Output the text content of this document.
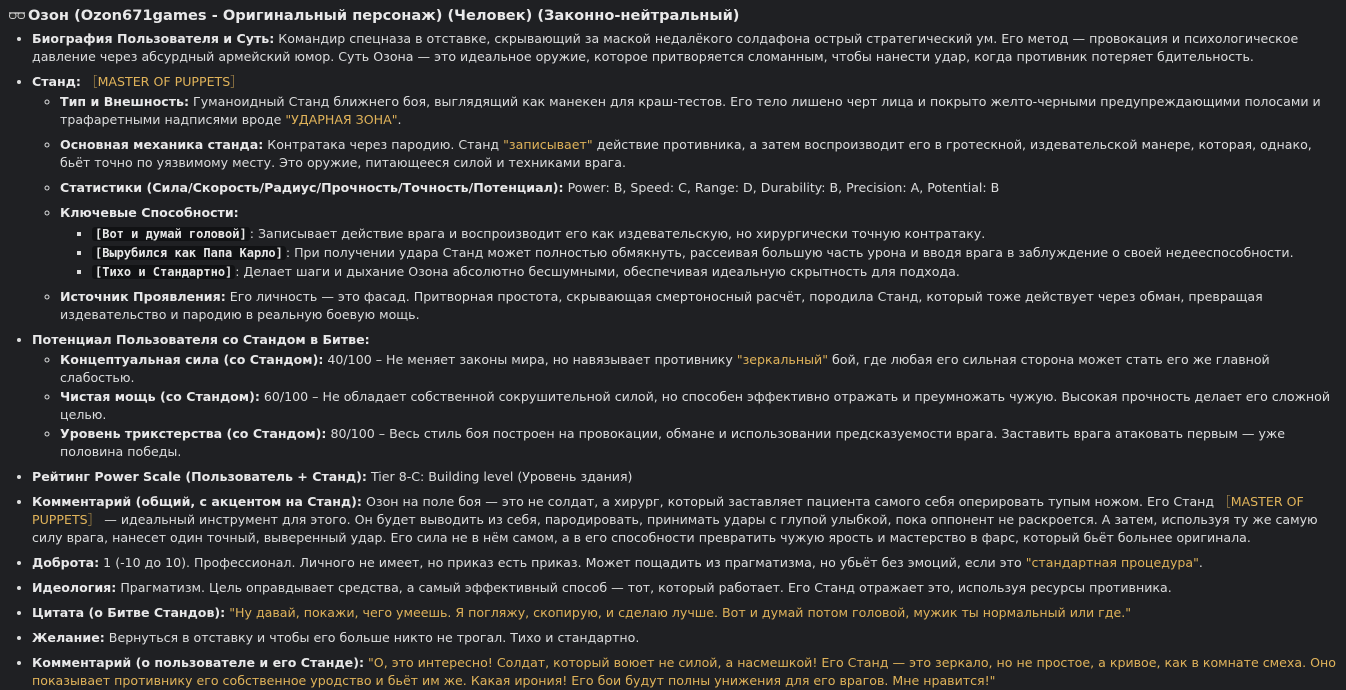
Озон (Ozon671games - Оригинальный персонаж) (Человек) (Законно-нейтральный)
• Биография Пользователя и Суть: Командир спецназа в отставке, скрывающий за маской недалёкого солдафона острый стратегический ум. Его метод — провокация и психологическое давление через абсурдный армейский юмор. Суть Озона — это идеальное оружие, которое притворяется сломанным, чтобы нанести удар, когда противник потеряет бдительность.
• Станд: ［MASTER OF PUPPETS］
◦ Тип и Внешность: Гуманоидный Станд ближнего боя, выглядящий как манекен для краш-тестов. Его тело лишено черт лица и покрыто желто-черными предупреждающими полосами и трафаретными надписями вроде "УДАРНАЯ ЗОНА".
◦ Основная механика станда: Контратака через пародию. Станд "записывает" действие противника, а затем воспроизводит его в гротескной, издевательской манере, которая, однако, бьёт точно по уязвимому месту. Это оружие, питающееся силой и техниками врага.
◦ Статистики (Сила/Скорость/Радиус/Прочность/Точность/Потенциал): Power: B, Speed: C, Range: D, Durability: B, Precision: A, Potential: B
◦ Ключевые Способности:
▪ [Вот и думай головой] : Записывает действие врага и воспроизводит его как издевательскую, но хирургически точную контратаку.
▪ [Вырубился как Папа Карло] : При получении удара Станд может полностью обмякнуть, рассеивая большую часть урона и вводя врага в заблуждение о своей недееспособности.
▪ [Тихо и Стандартно] : Делает шаги и дыхание Озона абсолютно бесшумными, обеспечивая идеальную скрытность для подхода.
◦ Источник Проявления: Его личность — это фасад. Притворная простота, скрывающая смертоносный расчёт, породила Станд, который тоже действует через обман, превращая издевательство и пародию в реальную боевую мощь.
• Потенциал Пользователя со Стандом в Битве:
◦ Концептуальная сила (со Стандом): 40/100 – Не меняет законы мира, но навязывает противнику "зеркальный" бой, где любая его сильная сторона может стать его же главной слабостью.
◦ Чистая мощь (со Стандом): 60/100 – Не обладает собственной сокрушительной силой, но способен эффективно отражать и преумножать чужую. Высокая прочность делает его сложной целью.
◦ Уровень трикстерства (со Стандом): 80/100 – Весь стиль боя построен на провокации, обмане и использовании предсказуемости врага. Заставить врага атаковать первым — уже половина победы.
• Рейтинг Power Scale (Пользователь + Станд): Tier 8-C: Building level (Уровень здания)
• Комментарий (общий, с акцентом на Станд): Озон на поле боя — это не солдат, а хирург, который заставляет пациента самого себя оперировать тупым ножом. Его Станд ［MASTER OF PUPPETS］ — идеальный инструмент для этого. Он будет выводить из себя, пародировать, принимать удары с глупой улыбкой, пока оппонент не раскроется. А затем, используя ту же самую силу врага, нанесет один точный, вывеpенный удар. Его сила не в нём самом, а в его способности превратить чужую ярость и мастерство в фарс, который бьёт больнее оригинала.
• Доброта: 1 (-10 до 10). Профессионал. Личного не имеет, но приказ есть приказ. Может пощадить из прагматизма, но убьёт без эмоций, если это "стандартная процедура".
• Идеология: Прагматизм. Цель оправдывает средства, а самый эффективный способ — тот, который работает. Его Станд отражает это, используя ресурсы противника.
• Цитата (о Битве Стандов): "Ну давай, покажи, чего умеешь. Я погляжу, скопирую, и сделаю лучше. Вот и думай потом головой, мужик ты нормальный или где."
• Желание: Вернуться в отставку и чтобы его больше никто не трогал. Тихо и стандартно.
• Комментарий (о пользователе и его Станде): "О, это интересно! Солдат, который воюет не силой, а насмешкой! Его Станд — это зеркало, но не простое, а кривое, как в комнате смеха. Оно показывает противнику его собственное уродство и бьёт им же. Какая ирония! Его бои будут полны унижения для его врагов. Мне нравится!"
